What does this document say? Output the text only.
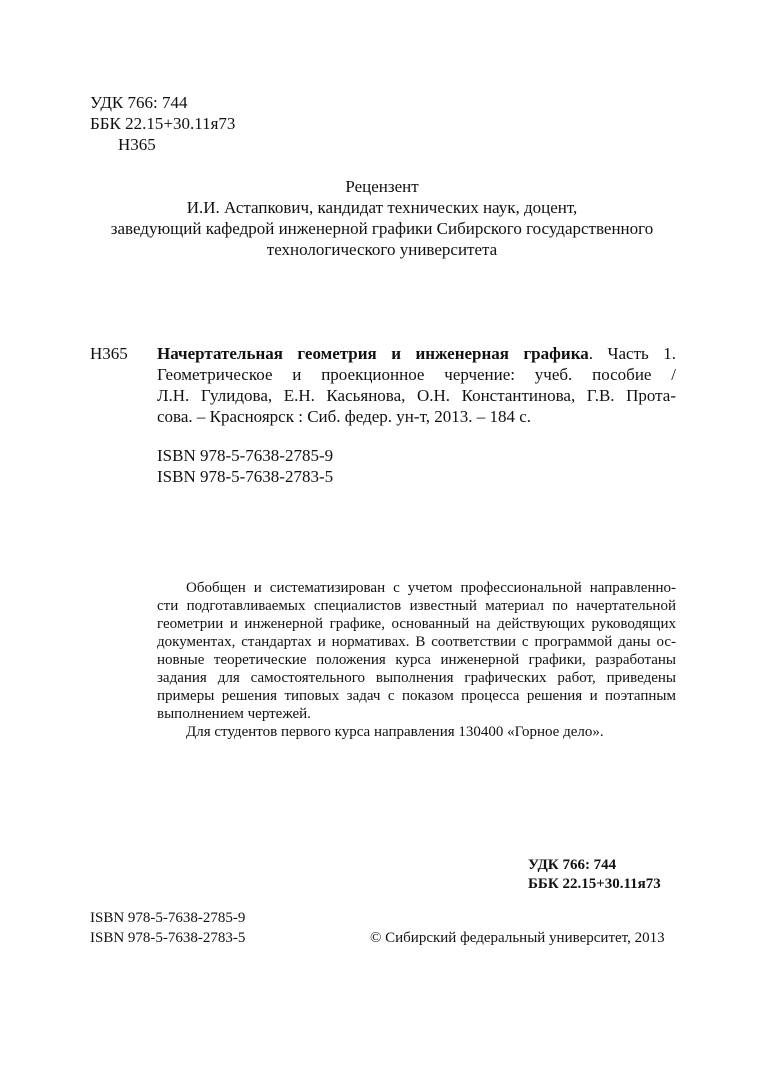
УДК 766: 744
ББК 22.15+30.11я73
Н365
Рецензент
И.И. Астапкович, кандидат технических наук, доцент,
заведующий кафедрой инженерной графики Сибирского государственного
технологического университета
Н365 Начертательная геометрия и инженерная графика. Часть 1.
Геометрическое и проекционное черчение: учеб. пособие /
Л.Н. Гулидова, Е.Н. Касьянова, О.Н. Константинова, Г.В. Прота-
сова. – Красноярск : Сиб. федер. ун-т, 2013. – 184 с.
ISBN 978-5-7638-2785-9
ISBN 978-5-7638-2783-5
Обобщен и систематизирован с учетом профессиональной направленно-
сти подготавливаемых специалистов известный материал по начертательной
геометрии и инженерной графике, основанный на действующих руководящих
документах, стандартах и нормативах. В соответствии с программой даны ос-
новные теоретические положения курса инженерной графики, разработаны
задания для самостоятельного выполнения графических работ, приведены
примеры решения типовых задач с показом процесса решения и поэтапным
выполнением чертежей.
Для студентов первого курса направления 130400 «Горное дело».
УДК 766: 744
ББК 22.15+30.11я73
ISBN 978-5-7638-2785-9
ISBN 978-5-7638-2783-5	© Сибирский федеральный университет, 2013
